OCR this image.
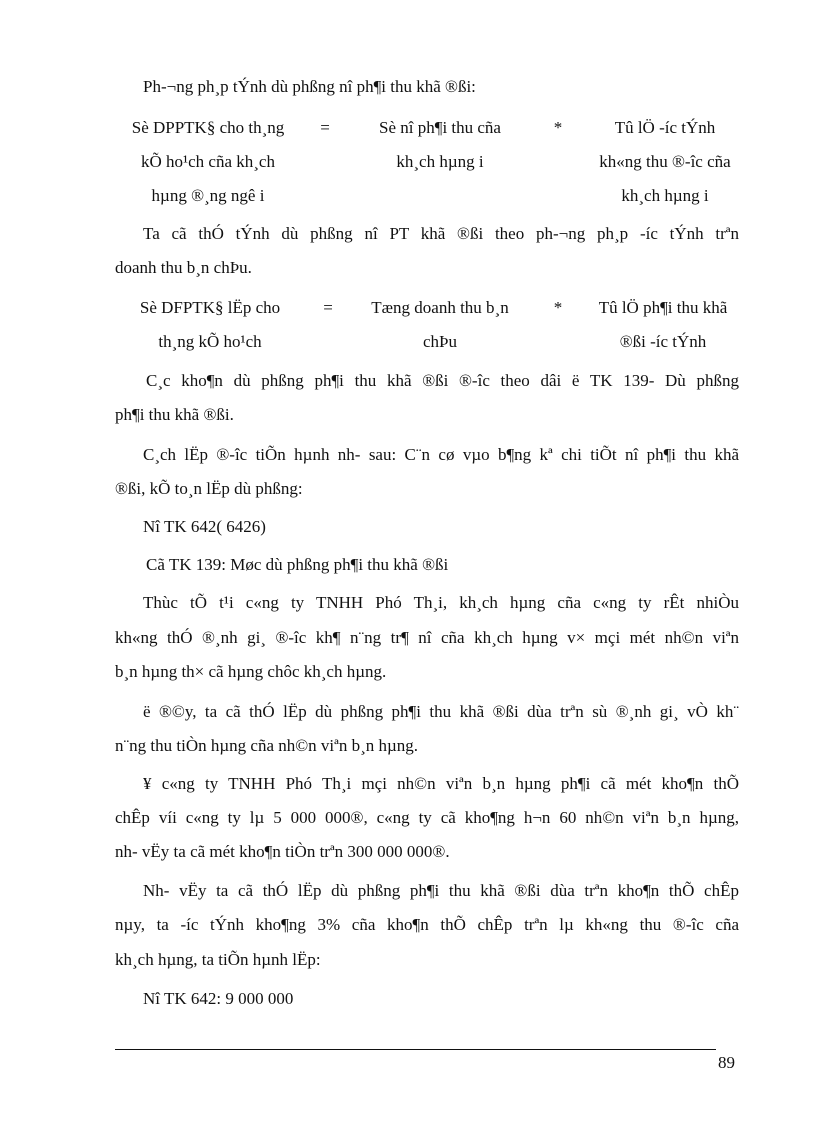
Ph-¬ng ph¸p tÝnh dù phßng nî ph¶i thu khã ®ßi:
Sè DPPTK§ cho th¸ng
kÕ ho¹ch cña kh¸ch
hµng ®¸ng ngê i
=	Sè nî ph¶i thu cña
kh¸ch hµng i
*	Tû lÖ -íc tÝnh
kh«ng thu ®-îc cña
kh¸ch hµng i
Ta cã thÓ tÝnh dù phßng nî PT khã ®ßi theo ph-¬ng ph¸p -íc tÝnh trªn
doanh thu b¸n chÞu.
Sè DFPTK§ lËp cho
th¸ng kÕ ho¹ch
=	Tæng doanh thu b¸n
chÞu
*	Tû lÖ ph¶i thu khã
®ßi -íc tÝnh
C¸c kho¶n dù phßng ph¶i thu khã ®ßi ®-îc theo dâi ë TK 139- Dù phßng
ph¶i thu khã ®ßi.
C¸ch lËp ®-îc tiÕn hµnh nh- sau: C¨n cø vµo b¶ng kª chi tiÕt nî ph¶i thu khã
®ßi, kÕ to¸n lËp dù phßng:
Nî TK 642( 6426)
Cã TK 139: Møc dù phßng ph¶i thu khã ®ßi
Thùc tÕ t¹i c«ng ty TNHH Phó Th¸i, kh¸ch hµng cña c«ng ty rÊt nhiÒu
kh«ng thÓ ®¸nh gi¸ ®-îc kh¶ n¨ng tr¶ nî cña kh¸ch hµng v× mçi mét nh©n viªn
b¸n hµng th× cã hµng chôc kh¸ch hµng.
ë ®©y, ta cã thÓ lËp dù phßng ph¶i thu khã ®ßi dùa trªn sù ®¸nh gi¸ vÒ kh¨
n¨ng thu tiÒn hµng cña nh©n viªn b¸n hµng.
¥ c«ng ty TNHH Phó Th¸i mçi nh©n viªn b¸n hµng ph¶i cã mét kho¶n thÕ
chÊp víi c«ng ty lµ 5 000 000®, c«ng ty cã kho¶ng h¬n 60 nh©n viªn b¸n hµng,
nh- vËy ta cã mét kho¶n tiÒn trªn 300 000 000®.
Nh- vËy ta cã thÓ lËp dù phßng ph¶i thu khã ®ßi dùa trªn kho¶n thÕ chÊp
nµy, ta -íc tÝnh kho¶ng 3% cña kho¶n thÕ chÊp trªn lµ kh«ng thu ®-îc cña
kh¸ch hµng, ta tiÕn hµnh lËp:
Nî TK 642: 9 000 000
89
